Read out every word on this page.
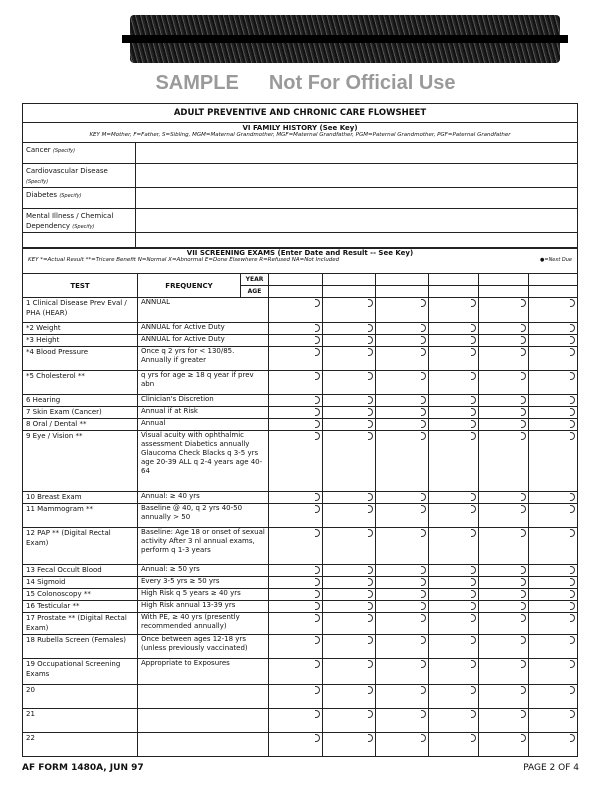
SAMPLE Not For Official Use
ADULT PREVENTIVE AND CHRONIC CARE FLOWSHEET	

VI FAMILY HISTORY (See Key)
KEY M=Mother, F=Father, S=Sibling, MGM=Maternal Grandmother, MGF=Maternal Grandfather, PGM=Paternal Grandmother, PGF=Paternal Grandfather	

Cancer (Specify)	
Cardiovascular Disease (Specify)	
Diabetes (Specify)	
Mental Illness / Chemical Dependency (Specify)	

VII SCREENING EXAMS (Enter Date and Result -- See Key)
KEY *=Actual Result **=Tricare Benefit N=Normal X=Abnormal E=Done Elsewhere R=Refused NA=Not Included ●=Next Due								

TEST	FREQUENCY	YEAR						
		AGE						
1 Clinical Disease Prev Eval / PHA (HEAR)	ANNUAL							
*2 Weight	ANNUAL for Active Duty							
*3 Height	ANNUAL for Active Duty							
*4 Blood Pressure	Once q 2 yrs for < 130/85. Annually if greater							
*5 Cholesterol **	q yrs for age ≥ 18 q year if prev abn							
6 Hearing	Clinician's Discretion							
7 Skin Exam (Cancer)	Annual if at Risk							
8 Oral / Dental **	Annual							
9 Eye / Vision **	Visual acuity with ophthalmic assessment Diabetics annually Glaucoma Check Blacks q 3-5 yrs age 20-39 ALL q 2-4 years age 40-64							
10 Breast Exam	Annual: ≥ 40 yrs							
11 Mammogram **	Baseline @ 40, q 2 yrs 40-50 annually > 50							
12 PAP ** (Digital Rectal Exam)	Baseline: Age 18 or onset of sexual activity After 3 nl annual exams, perform q 1-3 years							
13 Fecal Occult Blood	Annual: ≥ 50 yrs							
14 Sigmoid	Every 3-5 yrs ≥ 50 yrs							
15 Colonoscopy **	High Risk q 5 years ≥ 40 yrs							
16 Testicular **	High Risk annual 13-39 yrs							
17 Prostate ** (Digital Rectal Exam)	With PE, ≥ 40 yrs (presently recommended annually)							
18 Rubella Screen (Females)	Once between ages 12-18 yrs (unless previously vaccinated)							
19 Occupational Screening Exams	Appropriate to Exposures							
20								
21								
22								
AF FORM 1480A, JUN 97	PAGE 2 OF 4
